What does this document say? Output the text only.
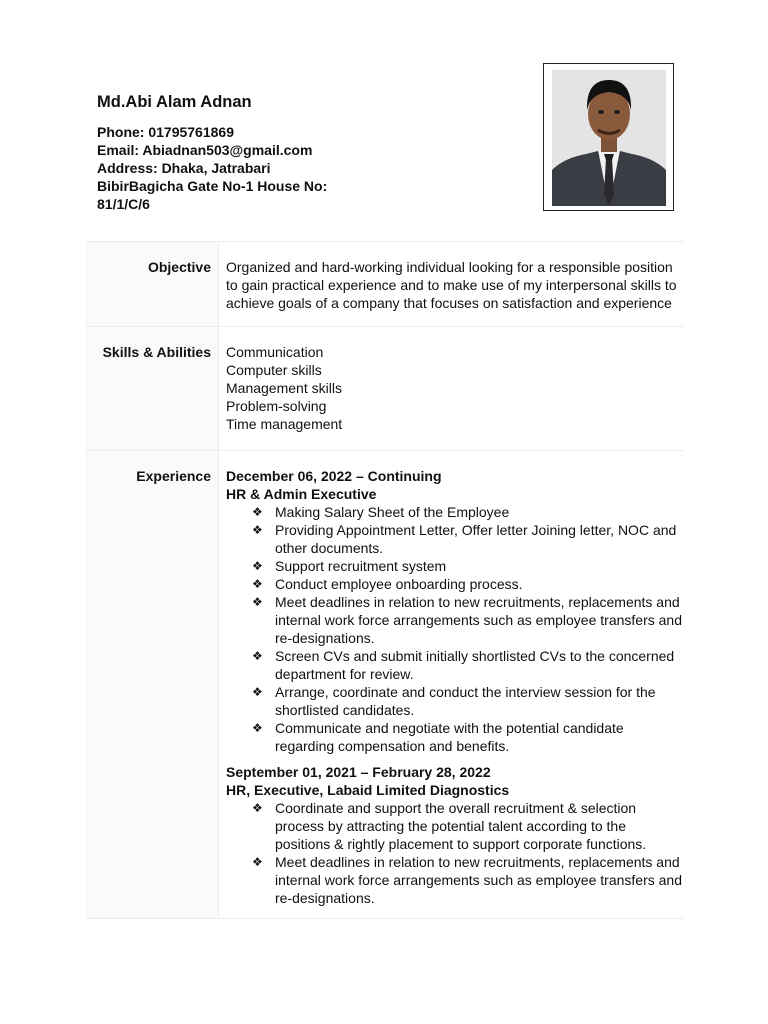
Md.Abi Alam Adnan
Phone: 01795761869
Email: Abiadnan503@gmail.com
Address: Dhaka, Jatrabari
BibirBagicha Gate No-1 House No:
81/1/C/6
Objective	Organized and hard-working individual looking for a responsible position to gain practical experience and to make use of my interpersonal skills to achieve goals of a company that focuses on satisfaction and experience
Skills & Abilities	Communication
Computer skills
Management skills
Problem-solving
Time management
Experience	December 06, 2022 – Continuing
HR & Admin Executive
❖ Making Salary Sheet of the Employee
❖ Providing Appointment Letter, Offer letter Joining letter, NOC and other documents.
❖ Support recruitment system
❖ Conduct employee onboarding process.
❖ Meet deadlines in relation to new recruitments, replacements and internal work force arrangements such as employee transfers and re-designations.
❖ Screen CVs and submit initially shortlisted CVs to the concerned department for review.
❖ Arrange, coordinate and conduct the interview session for the shortlisted candidates.
❖ Communicate and negotiate with the potential candidate regarding compensation and benefits.
September 01, 2021 – February 28, 2022
HR, Executive, Labaid Limited Diagnostics
❖ Coordinate and support the overall recruitment & selection process by attracting the potential talent according to the positions & rightly placement to support corporate functions.
❖ Meet deadlines in relation to new recruitments, replacements and internal work force arrangements such as employee transfers and re-designations.
